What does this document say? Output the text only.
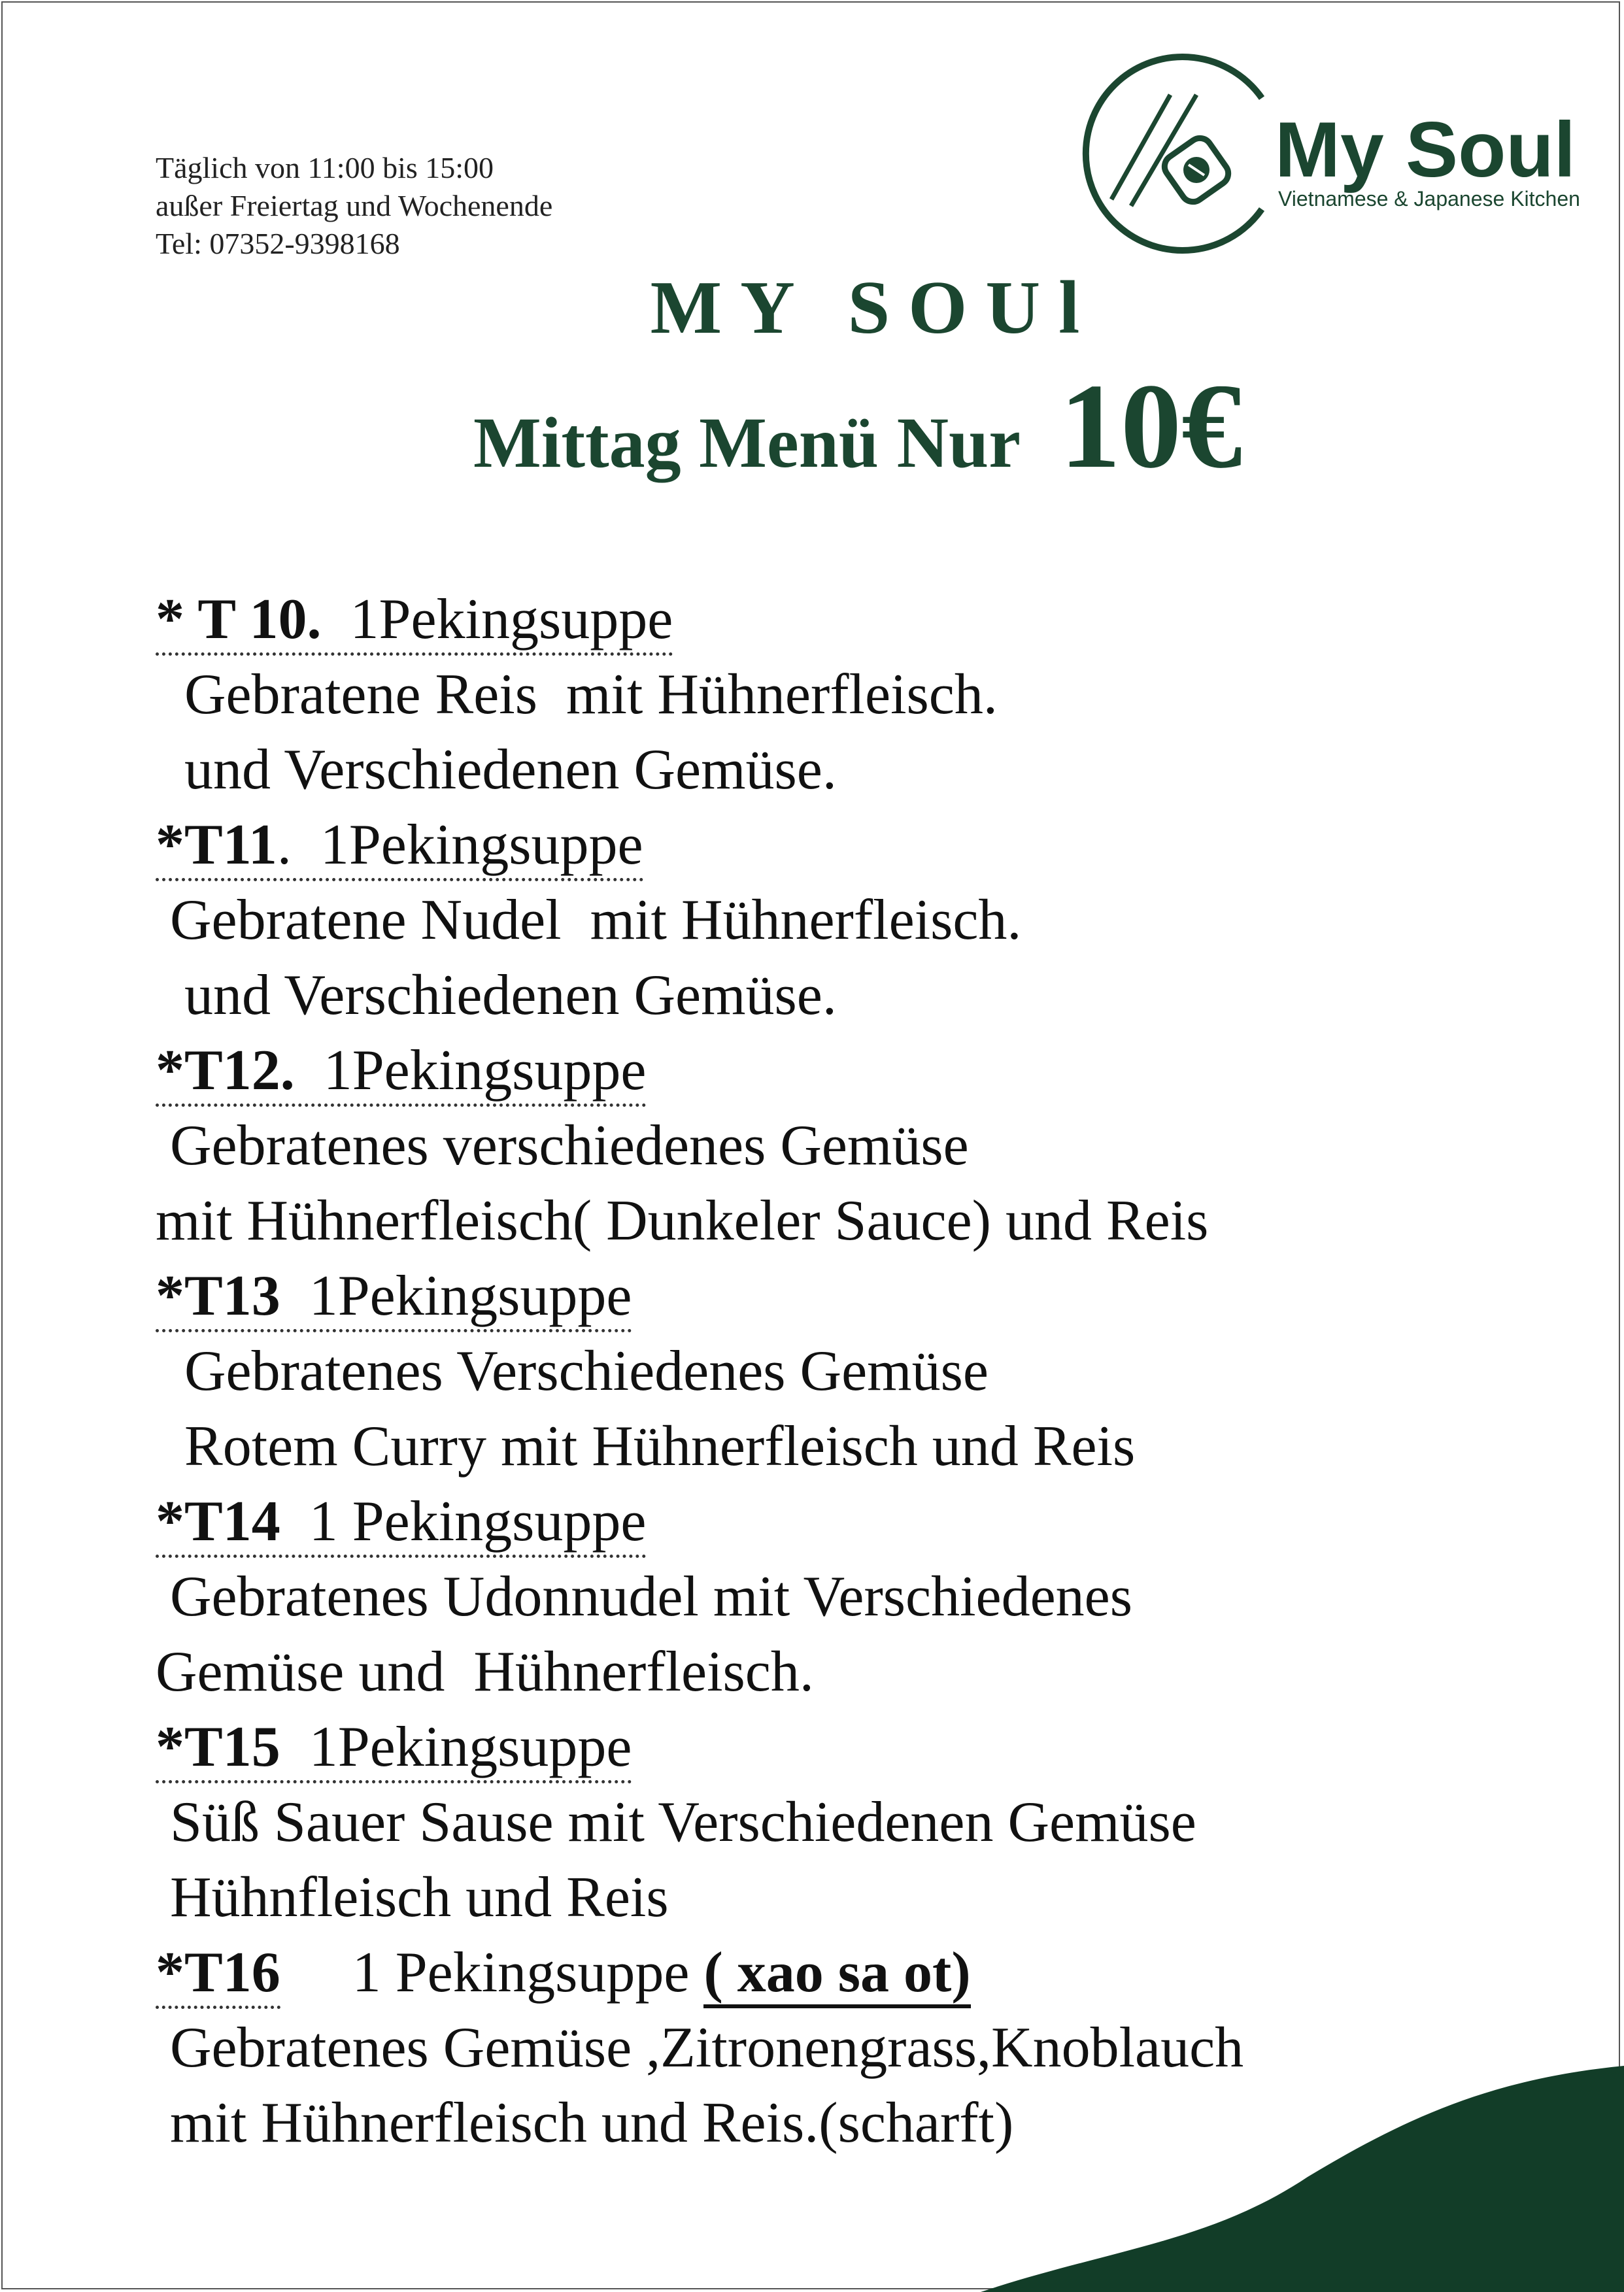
Täglich von 11:00 bis 15:00
außer Freiertag und Wochenende
Tel: 07352-9398168
My Soul
Vietnamese & Japanese Kitchen
MY SOUl
Mittag Menü Nur 10€
* T 10.  1Pekingsuppe
Gebratene Reis  mit Hühnerfleisch.
und Verschiedenen Gemüse.
*T11.  1Pekingsuppe
Gebratene Nudel  mit Hühnerfleisch.
und Verschiedenen Gemüse.
*T12.  1Pekingsuppe
Gebratenes verschiedenes Gemüse
mit Hühnerfleisch( Dunkeler Sauce) und Reis
*T13  1Pekingsuppe
Gebratenes Verschiedenes Gemüse
Rotem Curry mit Hühnerfleisch und Reis
*T14  1 Pekingsuppe
Gebratenes Udonnudel mit Verschiedenes
Gemüse und  Hühnerfleisch.
*T15  1Pekingsuppe
Süß Sauer Sause mit Verschiedenen Gemüse
Hühnfleisch und Reis
*T16     1 Pekingsuppe ( xao sa ot)
Gebratenes Gemüse ,Zitronengrass,Knoblauch
mit Hühnerfleisch und Reis.(scharft)
